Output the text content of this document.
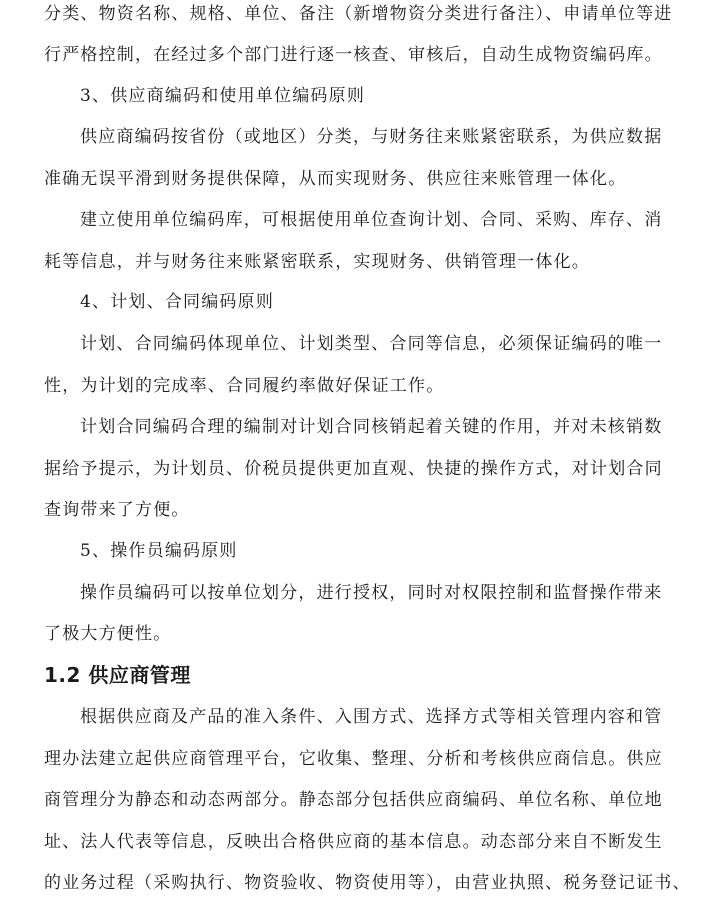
分类、物资名称、规格、单位、备注（新增物资分类进行备注）、申请单位等进
行严格控制，在经过多个部门进行逐一核查、审核后，自动生成物资编码库。
3、供应商编码和使用单位编码原则
供应商编码按省份（或地区）分类，与财务往来账紧密联系，为供应数据
准确无误平滑到财务提供保障，从而实现财务、供应往来账管理一体化。
建立使用单位编码库，可根据使用单位查询计划、合同、采购、库存、消
耗等信息，并与财务往来账紧密联系，实现财务、供销管理一体化。
4、计划、合同编码原则
计划、合同编码体现单位、计划类型、合同等信息，必须保证编码的唯一
性，为计划的完成率、合同履约率做好保证工作。
计划合同编码合理的编制对计划合同核销起着关键的作用，并对未核销数
据给予提示，为计划员、价税员提供更加直观、快捷的操作方式，对计划合同
查询带来了方便。
5、操作员编码原则
操作员编码可以按单位划分，进行授权，同时对权限控制和监督操作带来
了极大方便性。
1.2 供应商管理
根据供应商及产品的准入条件、入围方式、选择方式等相关管理内容和管
理办法建立起供应商管理平台，它收集、整理、分析和考核供应商信息。供应
商管理分为静态和动态两部分。静态部分包括供应商编码、单位名称、单位地
址、法人代表等信息，反映出合格供应商的基本信息。动态部分来自不断发生
的业务过程（采购执行、物资验收、物资使用等），由营业执照、税务登记证书、
